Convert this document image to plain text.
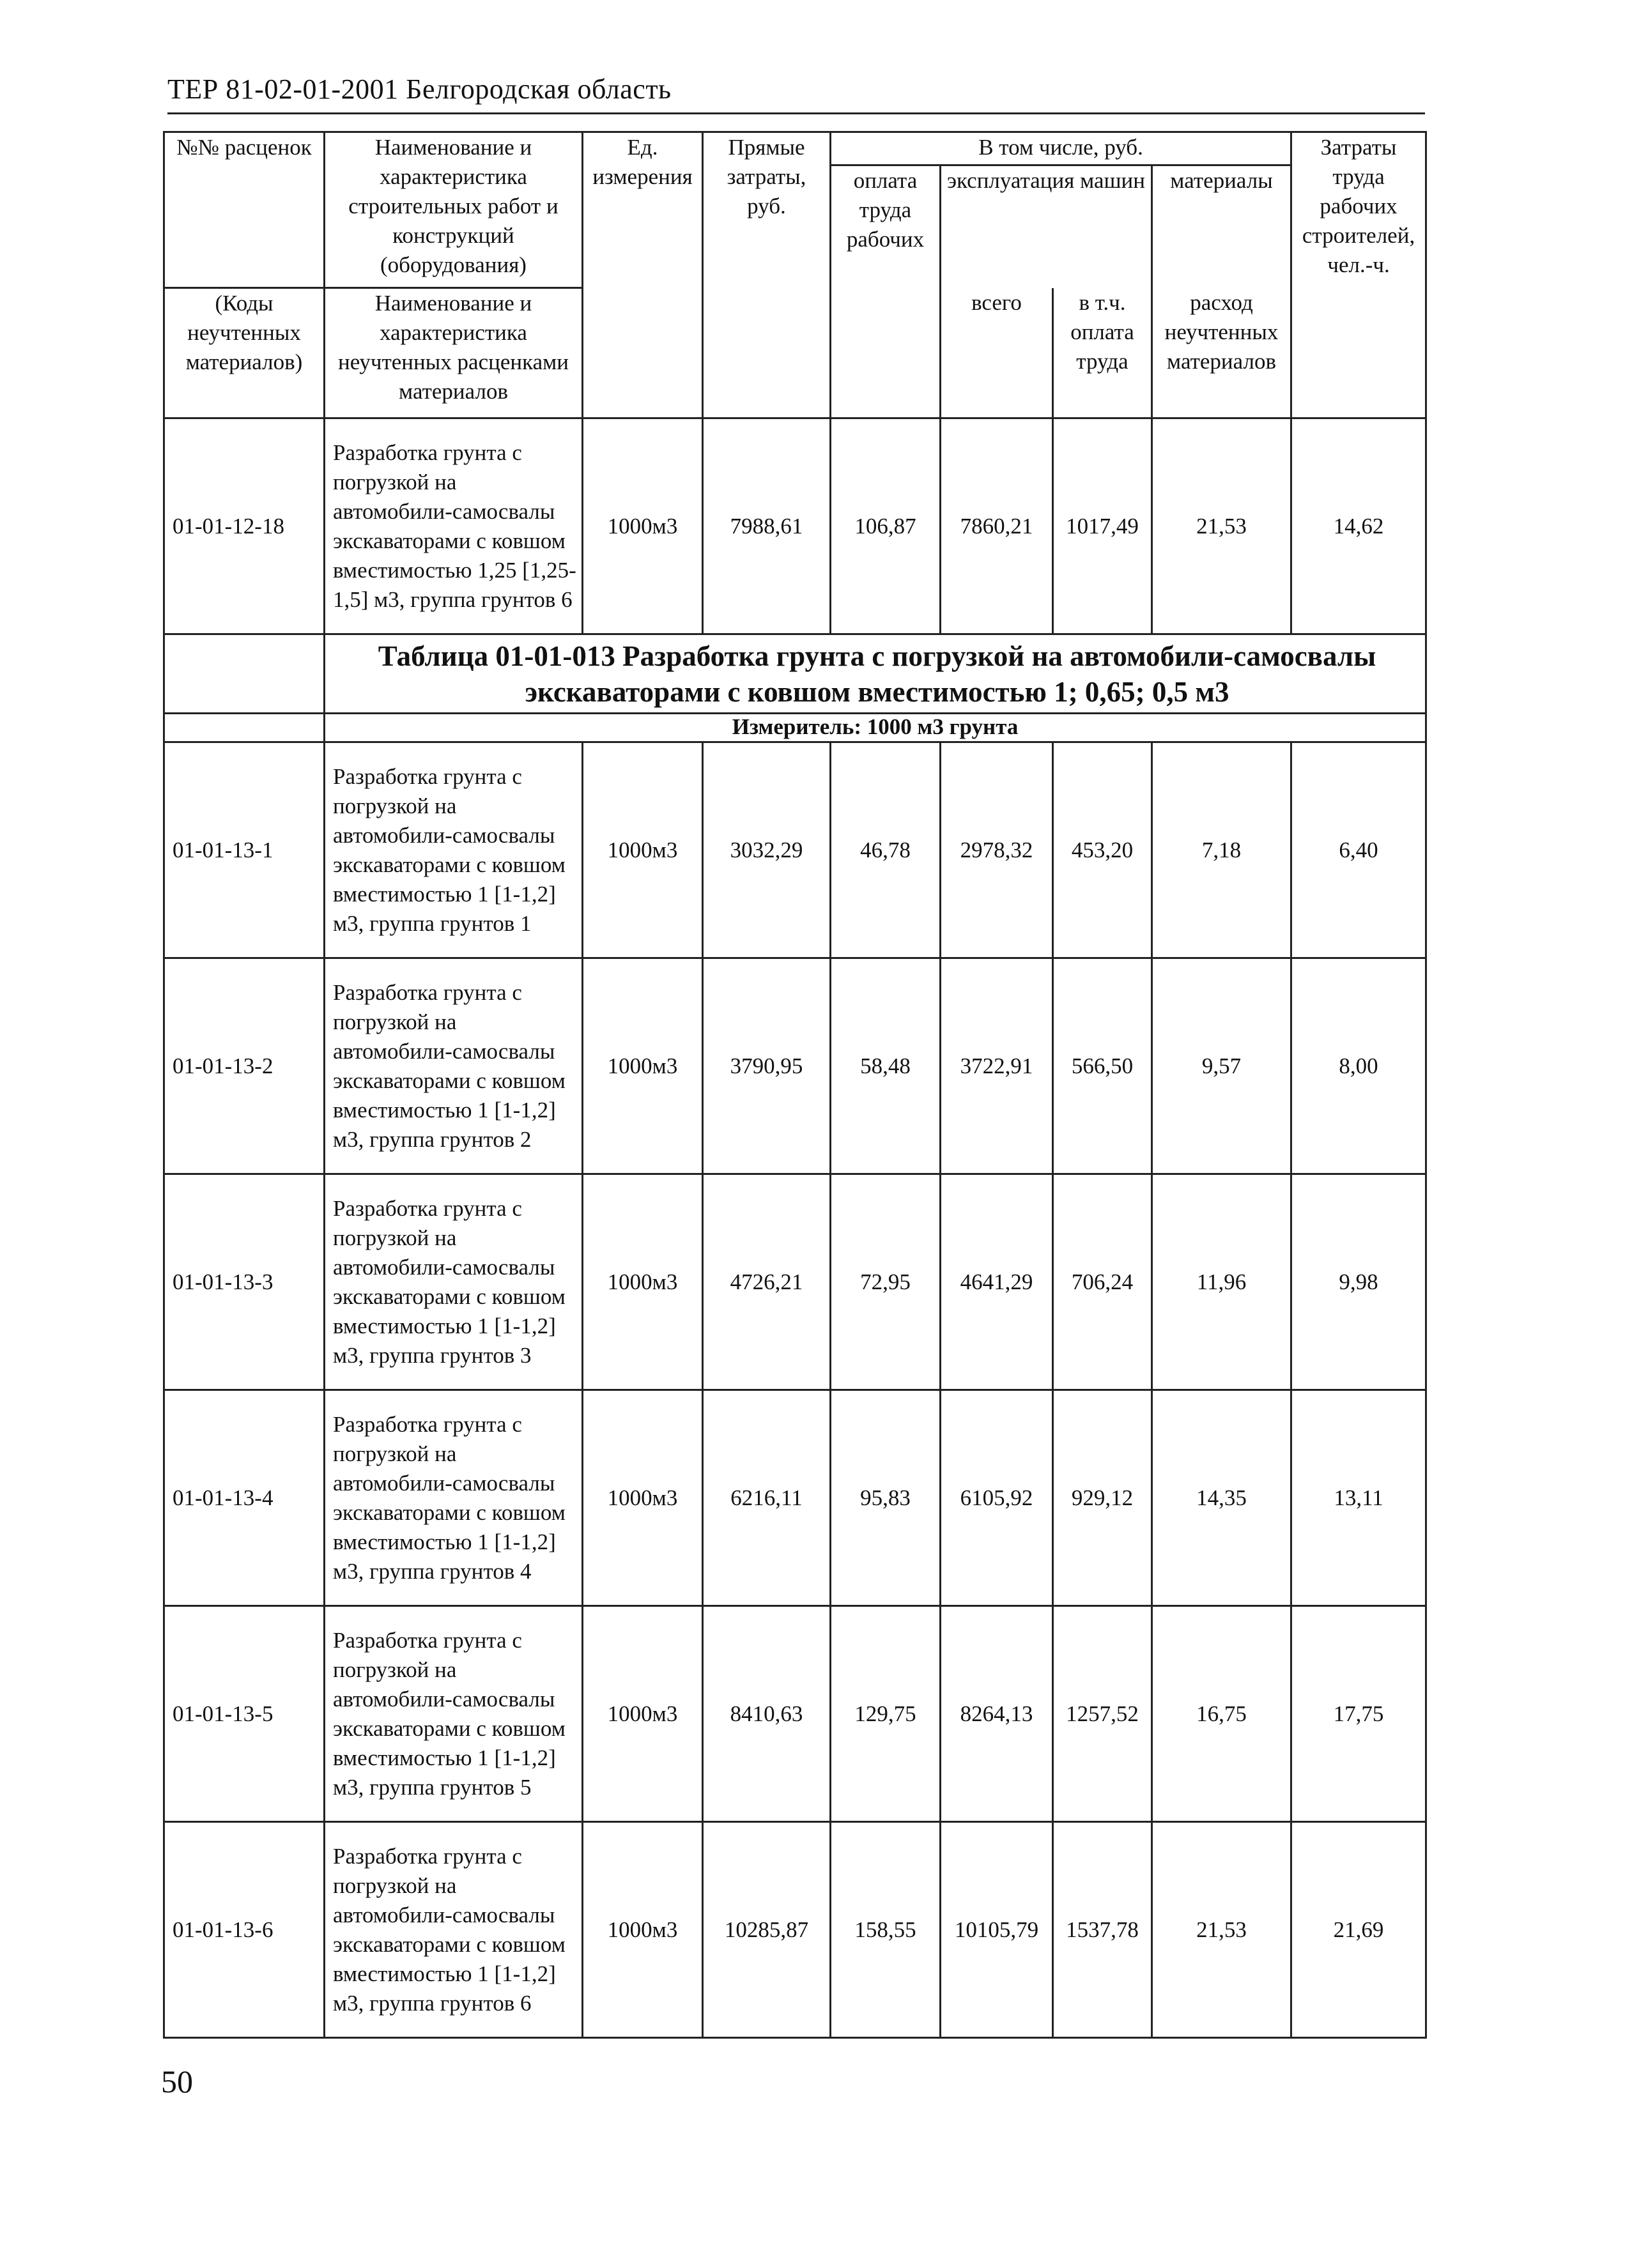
ТЕР 81-02-01-2001 Белгородская область
№№ расценок	Наименование и характеристика строительных работ и конструкций (оборудования)	Ед. измерения	Прямые затраты, руб.	В том числе, руб.				Затраты труда рабочих строителей, чел.-ч.
				оплата труда рабочих	эксплуатация машин		материалы	
(Коды неучтенных материалов)	Наименование и характеристика неучтенных расценками материалов				всего	в т.ч. оплата труда	расход неучтенных материалов	
01-01-12-18	Разработка грунта с погрузкой на автомобили-самосвалы экскаваторами с ковшом вместимостью 1,25 [1,25-1,5] м3, группа грунтов 6	1000м3	7988,61	106,87	7860,21	1017,49	21,53	14,62
	Таблица 01-01-013 Разработка грунта с погрузкой на автомобили-самосвалы экскаваторами с ковшом вместимостью 1; 0,65; 0,5 м3							
	Измеритель: 1000 м3 грунта							
01-01-13-1	Разработка грунта с погрузкой на автомобили-самосвалы экскаваторами с ковшом вместимостью 1 [1-1,2] м3, группа грунтов 1	1000м3	3032,29	46,78	2978,32	453,20	7,18	6,40
01-01-13-2	Разработка грунта с погрузкой на автомобили-самосвалы экскаваторами с ковшом вместимостью 1 [1-1,2] м3, группа грунтов 2	1000м3	3790,95	58,48	3722,91	566,50	9,57	8,00
01-01-13-3	Разработка грунта с погрузкой на автомобили-самосвалы экскаваторами с ковшом вместимостью 1 [1-1,2] м3, группа грунтов 3	1000м3	4726,21	72,95	4641,29	706,24	11,96	9,98
01-01-13-4	Разработка грунта с погрузкой на автомобили-самосвалы экскаваторами с ковшом вместимостью 1 [1-1,2] м3, группа грунтов 4	1000м3	6216,11	95,83	6105,92	929,12	14,35	13,11
01-01-13-5	Разработка грунта с погрузкой на автомобили-самосвалы экскаваторами с ковшом вместимостью 1 [1-1,2] м3, группа грунтов 5	1000м3	8410,63	129,75	8264,13	1257,52	16,75	17,75
01-01-13-6	Разработка грунта с погрузкой на автомобили-самосвалы экскаваторами с ковшом вместимостью 1 [1-1,2] м3, группа грунтов 6	1000м3	10285,87	158,55	10105,79	1537,78	21,53	21,69
50
